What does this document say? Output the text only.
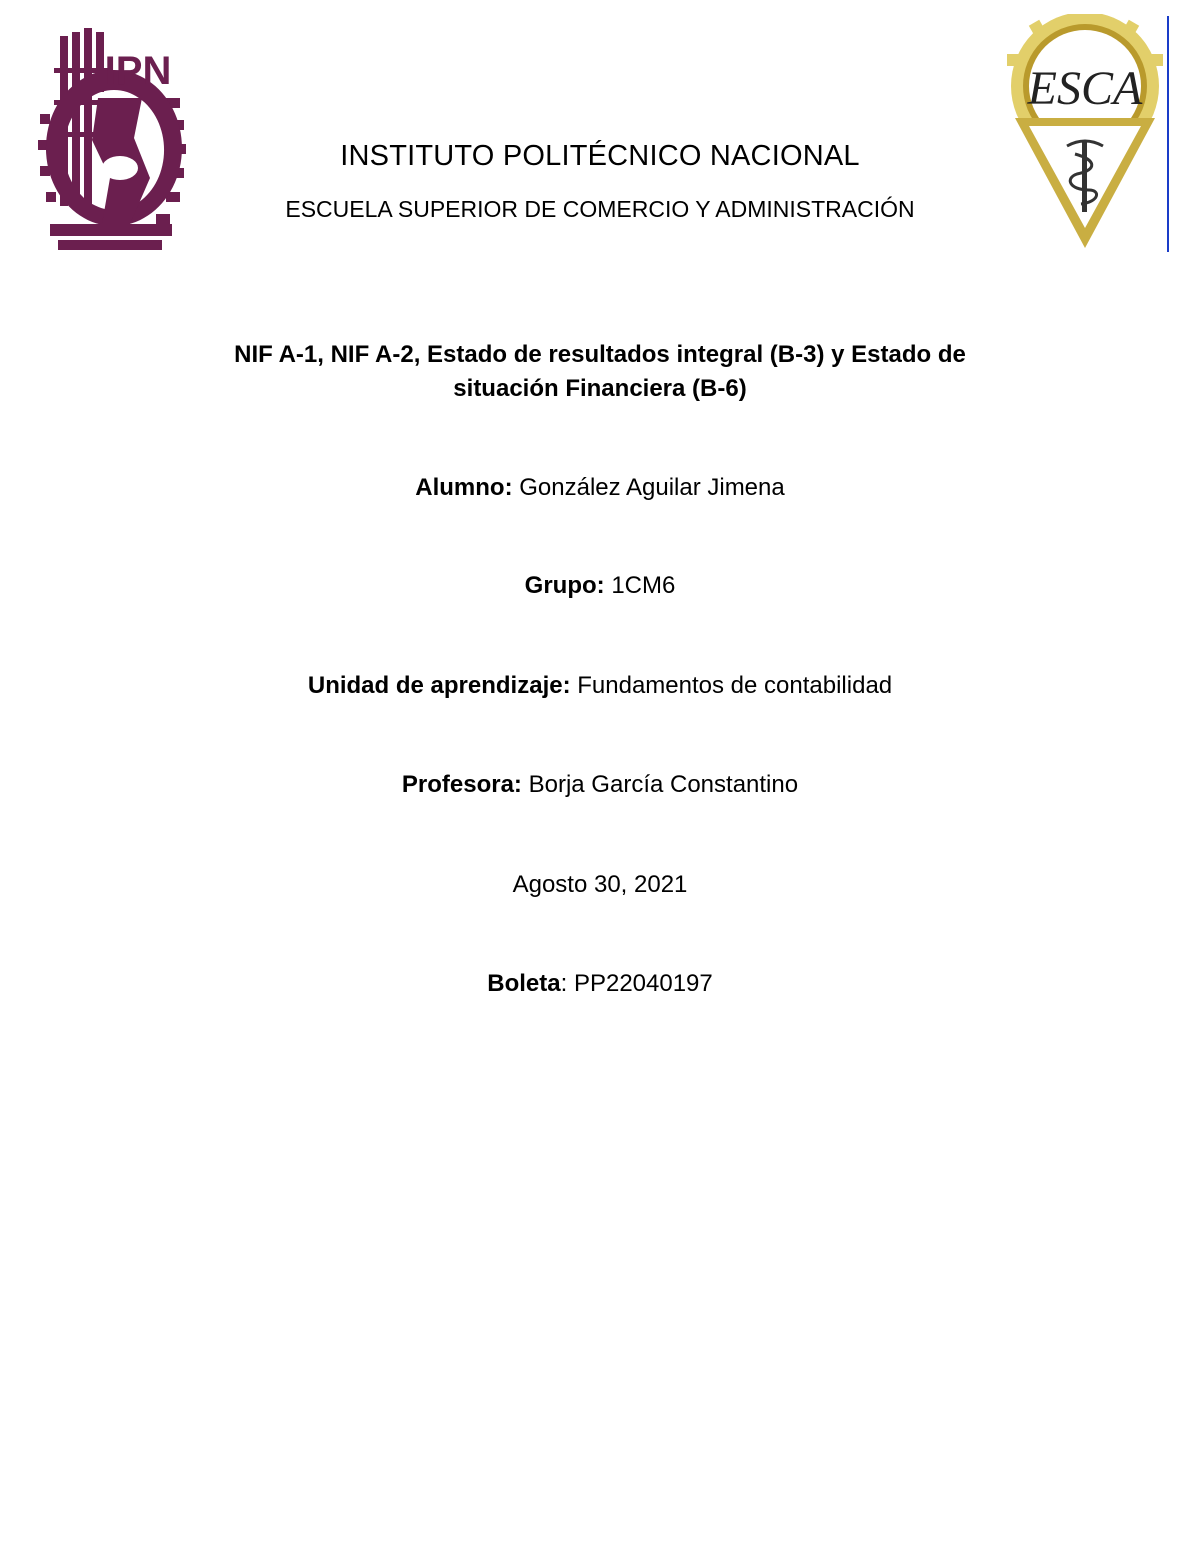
IPN
INSTITUTO POLITÉCNICO NACIONAL
ESCUELA SUPERIOR DE COMERCIO Y ADMINISTRACIÓN
ESCA
NIF A-1, NIF A-2, Estado de resultados integral (B-3) y Estado de
situación Financiera (B-6)
Alumno: González Aguilar Jimena
Grupo: 1CM6
Unidad de aprendizaje: Fundamentos de contabilidad
Profesora: Borja García Constantino
Agosto 30, 2021
Boleta: PP22040197
